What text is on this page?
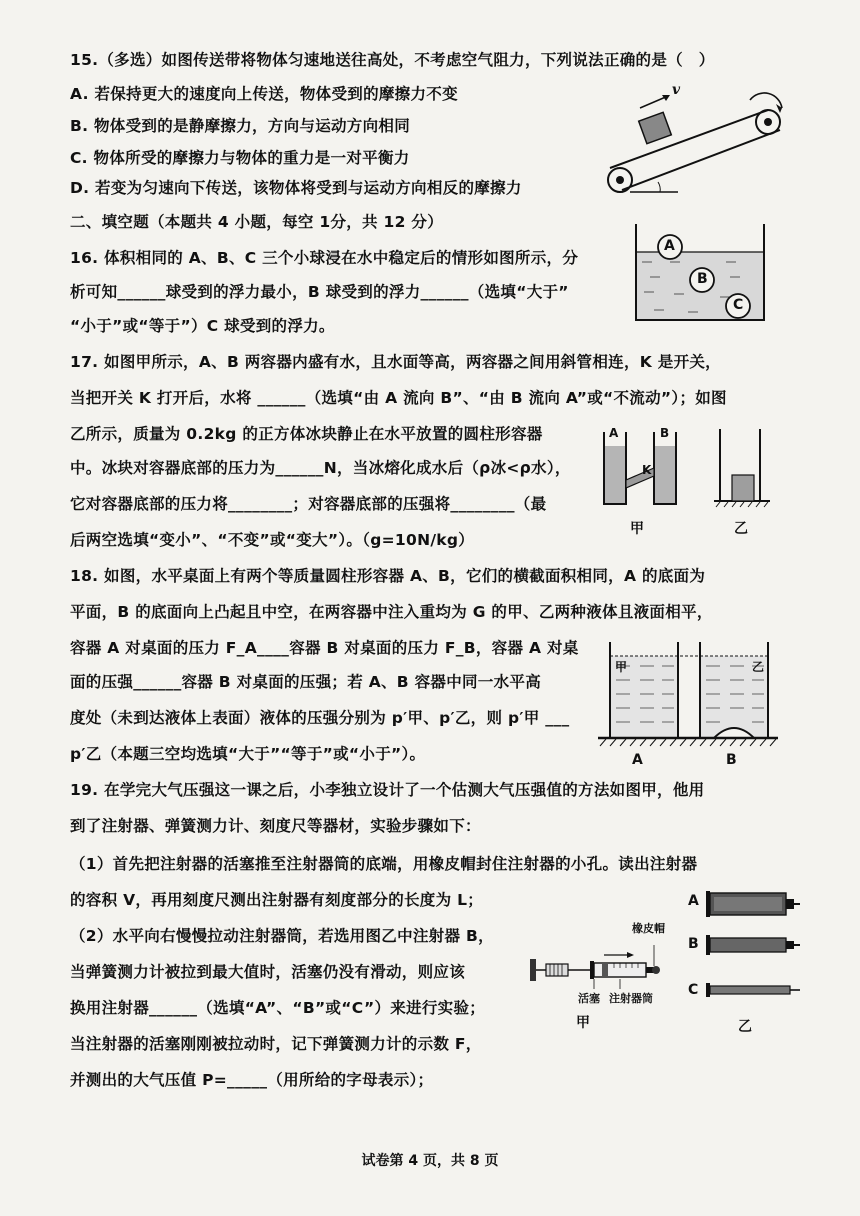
15.（多选）如图传送带将物体匀速地送往高处，不考虑空气阻力，下列说法正确的是（　）
A. 若保持更大的速度向上传送，物体受到的摩擦力不变
B. 物体受到的是静摩擦力，方向与运动方向相同
C. 物体所受的摩擦力与物体的重力是一对平衡力
D. 若变为匀速向下传送，该物体将受到与运动方向相反的摩擦力
v
二、填空题（本题共 4 小题，每空 1分，共 12 分）
16. 体积相同的 A、B、C 三个小球浸在水中稳定后的情形如图所示，分
析可知______球受到的浮力最小，B 球受到的浮力______（选填“大于”
“小于”或“等于”）C 球受到的浮力。
A
B
C
17. 如图甲所示，A、B 两容器内盛有水，且水面等高，两容器之间用斜管相连，K 是开关，
当把开关 K 打开后，水将 ______（选填“由 A 流向 B”、“由 B 流向 A”或“不流动”）；如图
乙所示，质量为 0.2kg 的正方体冰块静止在水平放置的圆柱形容器
中。冰块对容器底部的压力为______N，当冰熔化成水后（ρ冰<ρ水），
它对容器底部的压力将________；对容器底部的压强将________（最
后两空选填“变小”、“不变”或“变大”）。（g=10N/kg）
A	B
K
甲	乙
18. 如图，水平桌面上有两个等质量圆柱形容器 A、B，它们的横截面积相同，A 的底面为
平面，B 的底面向上凸起且中空，在两容器中注入重均为 G 的甲、乙两种液体且液面相平，
容器 A 对桌面的压力 F_A____容器 B 对桌面的压力 F_B，容器 A 对桌
面的压强______容器 B 对桌面的压强；若 A、B 容器中同一水平高
度处（未到达液体上表面）液体的压强分别为 p′甲、p′乙，则 p′甲 ___
p′乙（本题三空均选填“大于”“等于”或“小于”）。
甲	乙
A	B
19. 在学完大气压强这一课之后，小李独立设计了一个估测大气压强值的方法如图甲，他用
到了注射器、弹簧测力计、刻度尺等器材，实验步骤如下：
（1）首先把注射器的活塞推至注射器筒的底端，用橡皮帽封住注射器的小孔。读出注射器
的容积 V，再用刻度尺测出注射器有刻度部分的长度为 L；
（2）水平向右慢慢拉动注射器筒，若选用图乙中注射器 B，
当弹簧测力计被拉到最大值时，活塞仍没有滑动，则应该
换用注射器______（选填“A”、“B”或“C”）来进行实验；
当注射器的活塞刚刚被拉动时，记下弹簧测力计的示数 F，
并测出的大气压值 P=_____（用所给的字母表示）；
橡皮帽
活塞 注射器筒
甲
A
B
C
乙
试卷第 4 页，共 8 页
